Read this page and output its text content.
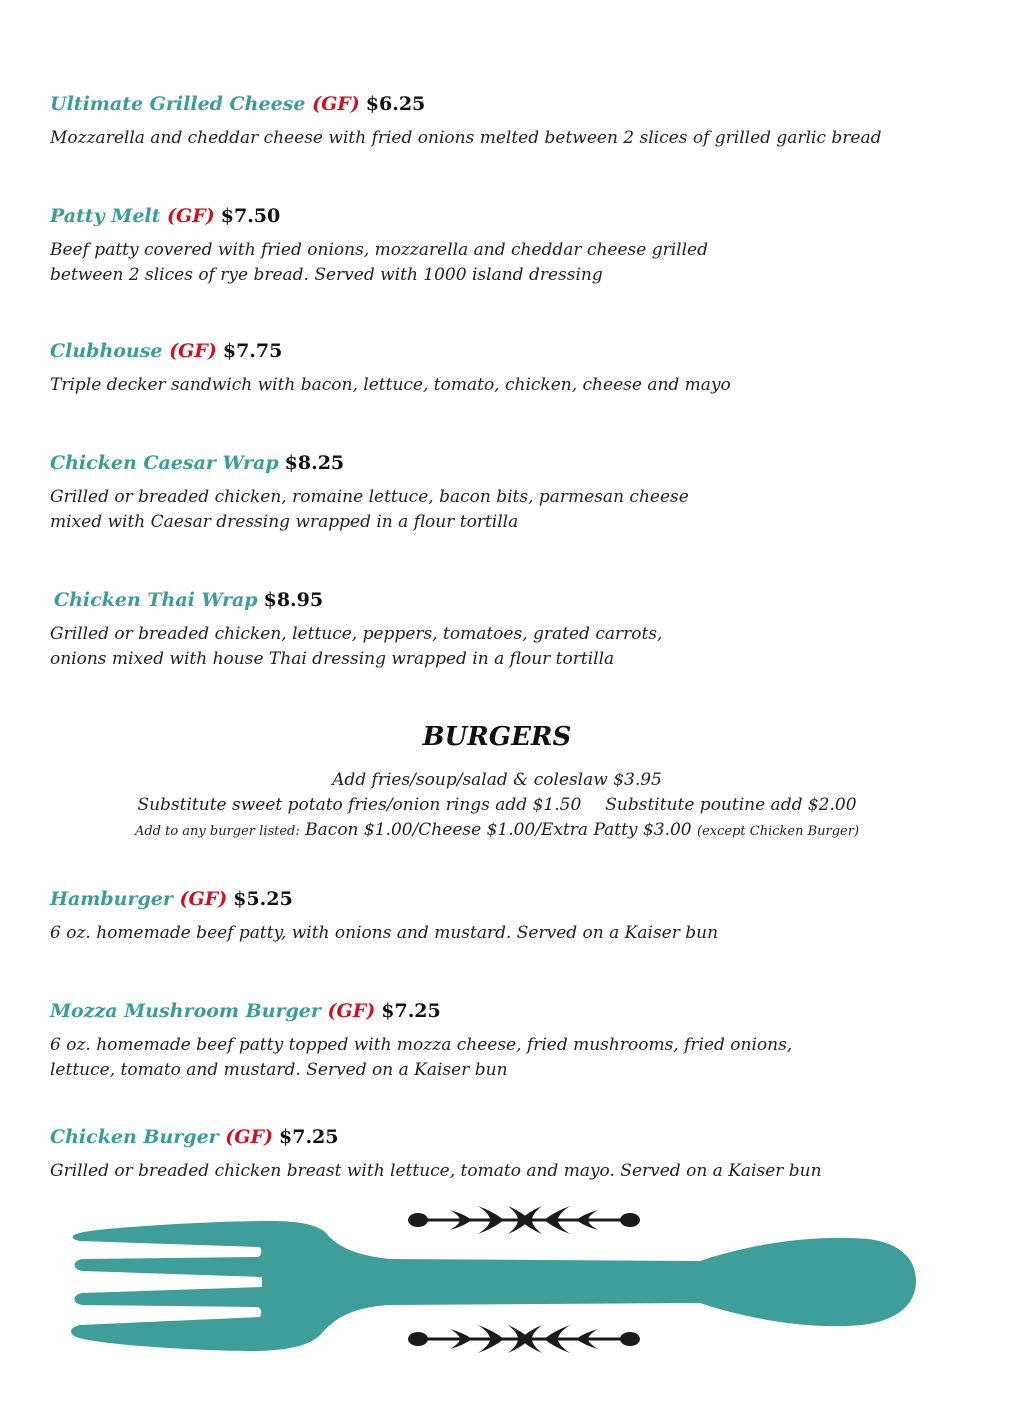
Ultimate Grilled Cheese (GF) $6.25
Mozzarella and cheddar cheese with fried onions melted between 2 slices of grilled garlic bread
Patty Melt (GF) $7.50
Beef patty covered with fried onions, mozzarella and cheddar cheese grilled
between 2 slices of rye bread. Served with 1000 island dressing
Clubhouse (GF) $7.75
Triple decker sandwich with bacon, lettuce, tomato, chicken, cheese and mayo
Chicken Caesar Wrap $8.25
Grilled or breaded chicken, romaine lettuce, bacon bits, parmesan cheese
mixed with Caesar dressing wrapped in a flour tortilla
Chicken Thai Wrap $8.95
Grilled or breaded chicken, lettuce, peppers, tomatoes, grated carrots,
onions mixed with house Thai dressing wrapped in a flour tortilla
BURGERS
Add fries/soup/salad & coleslaw $3.95
Substitute sweet potato fries/onion rings add $1.50 Substitute poutine add $2.00
Add to any burger listed: Bacon $1.00/Cheese $1.00/Extra Patty $3.00 (except Chicken Burger)
Hamburger (GF) $5.25
6 oz. homemade beef patty, with onions and mustard. Served on a Kaiser bun
Mozza Mushroom Burger (GF) $7.25
6 oz. homemade beef patty topped with mozza cheese, fried mushrooms, fried onions,
lettuce, tomato and mustard. Served on a Kaiser bun
Chicken Burger (GF) $7.25
Grilled or breaded chicken breast with lettuce, tomato and mayo. Served on a Kaiser bun
